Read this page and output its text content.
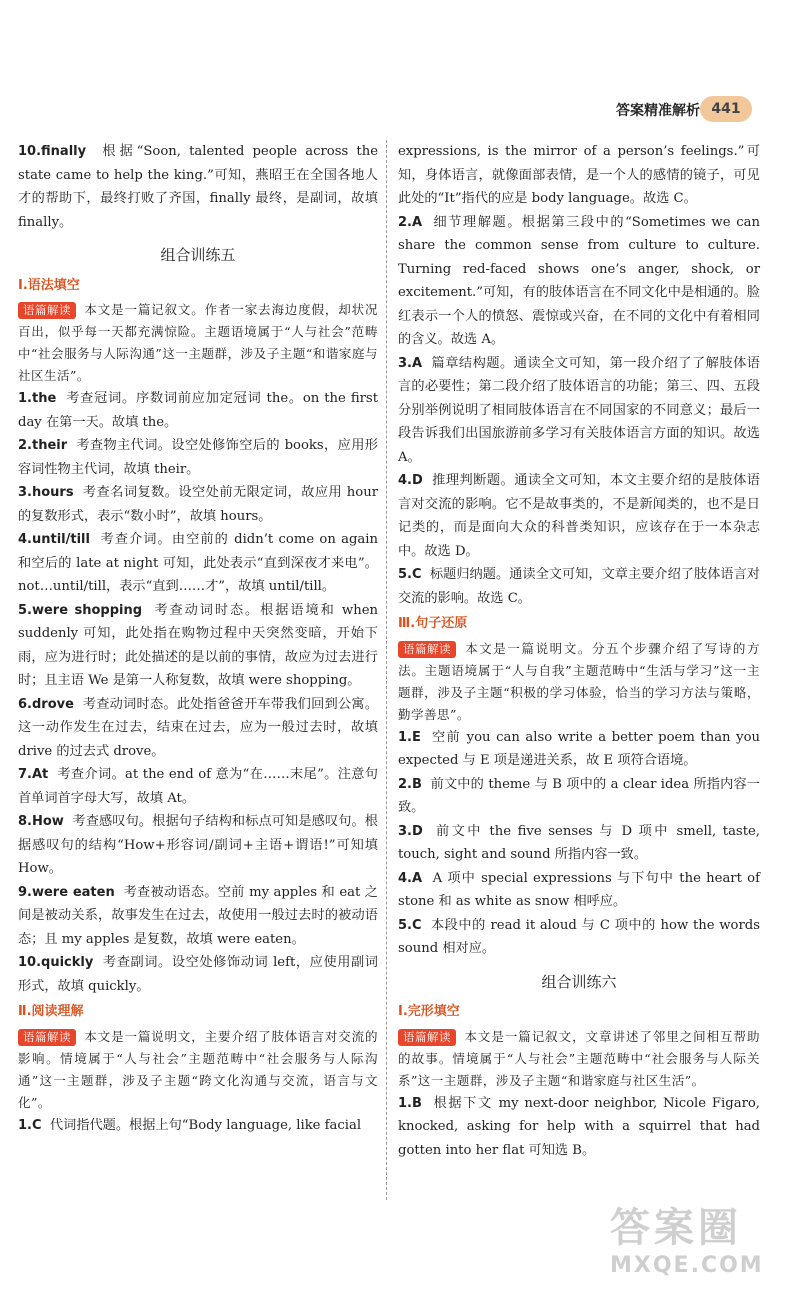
答案精准解析 441

10.finally 根据“Soon, talented people across the state came to help the king.”可知，燕昭王在全国各地人才的帮助下，最终打败了齐国，finally 最终，是副词，故填 finally。

组合训练五
Ⅰ.语法填空

语篇解读 本文是一篇记叙文。作者一家去海边度假，却状况百出，似乎每一天都充满惊险。主题语境属于“人与社会”范畴中“社会服务与人际沟通”这一主题群，涉及子主题“和谐家庭与社区生活”。

1.the 考查冠词。序数词前应加定冠词 the。on the first day 在第一天。故填 the。

2.their 考查物主代词。设空处修饰空后的 books，应用形容词性物主代词，故填 their。

3.hours 考查名词复数。设空处前无限定词，故应用 hour 的复数形式，表示“数小时”，故填 hours。

4.until/till 考查介词。由空前的 didn’t come on again 和空后的 late at night 可知，此处表示“直到深夜才来电”。not…until/till，表示“直到……才”，故填 until/till。

5.were shopping 考查动词时态。根据语境和 when suddenly 可知，此处指在购物过程中天突然变暗，开始下雨，应为进行时；此处描述的是以前的事情，故应为过去进行时；且主语 We 是第一人称复数，故填 were shopping。

6.drove 考查动词时态。此处指爸爸开车带我们回到公寓。这一动作发生在过去，结束在过去，应为一般过去时，故填 drive 的过去式 drove。

7.At 考查介词。at the end of 意为“在……末尾”。注意句首单词首字母大写，故填 At。

8.How 考查感叹句。根据句子结构和标点可知是感叹句。根据感叹句的结构“How+形容词/副词+主语+谓语!”可知填 How。

9.were eaten 考查被动语态。空前 my apples 和 eat 之间是被动关系，故事发生在过去，故使用一般过去时的被动语态；且 my apples 是复数，故填 were eaten。

10.quickly 考查副词。设空处修饰动词 left，应使用副词形式，故填 quickly。

Ⅱ.阅读理解

语篇解读 本文是一篇说明文，主要介绍了肢体语言对交流的影响。情境属于“人与社会”主题范畴中“社会服务与人际沟通”这一主题群，涉及子主题“跨文化沟通与交流，语言与文化”。

1.C 代词指代题。根据上句“Body language, like facial

expressions, is the mirror of a person’s feelings.”可知，身体语言，就像面部表情，是一个人的感情的镜子，可见此处的“It”指代的应是 body language。故选 C。

2.A 细节理解题。根据第三段中的“Sometimes we can share the common sense from culture to culture. Turning red-faced shows one’s anger, shock, or excitement.”可知，有的肢体语言在不同文化中是相通的。脸红表示一个人的愤怒、震惊或兴奋，在不同的文化中有着相同的含义。故选 A。

3.A 篇章结构题。通读全文可知，第一段介绍了了解肢体语言的必要性；第二段介绍了肢体语言的功能；第三、四、五段分别举例说明了相同肢体语言在不同国家的不同意义；最后一段告诉我们出国旅游前多学习有关肢体语言方面的知识。故选 A。

4.D 推理判断题。通读全文可知，本文主要介绍的是肢体语言对交流的影响。它不是故事类的，不是新闻类的，也不是日记类的，而是面向大众的科普类知识，应该存在于一本杂志中。故选 D。

5.C 标题归纳题。通读全文可知，文章主要介绍了肢体语言对交流的影响。故选 C。

Ⅲ.句子还原

语篇解读 本文是一篇说明文。分五个步骤介绍了写诗的方法。主题语境属于“人与自我”主题范畴中“生活与学习”这一主题群，涉及子主题“积极的学习体验，恰当的学习方法与策略，勤学善思”。

1.E 空前 you can also write a better poem than you expected 与 E 项是递进关系，故 E 项符合语境。

2.B 前文中的 theme 与 B 项中的 a clear idea 所指内容一致。

3.D 前文中 the five senses 与 D 项中 smell, taste, touch, sight and sound 所指内容一致。

4.A A 项中 special expressions 与下句中 the heart of stone 和 as white as snow 相呼应。

5.C 本段中的 read it aloud 与 C 项中的 how the words sound 相对应。

组合训练六
Ⅰ.完形填空

语篇解读 本文是一篇记叙文，文章讲述了邻里之间相互帮助的故事。情境属于“人与社会”主题范畴中“社会服务与人际关系”这一主题群，涉及子主题“和谐家庭与社区生活”。

1.B 根据下文 my next-door neighbor, Nicole Figaro, knocked, asking for help with a squirrel that had gotten into her flat 可知选 B。

答案圈
MXQE.COM
